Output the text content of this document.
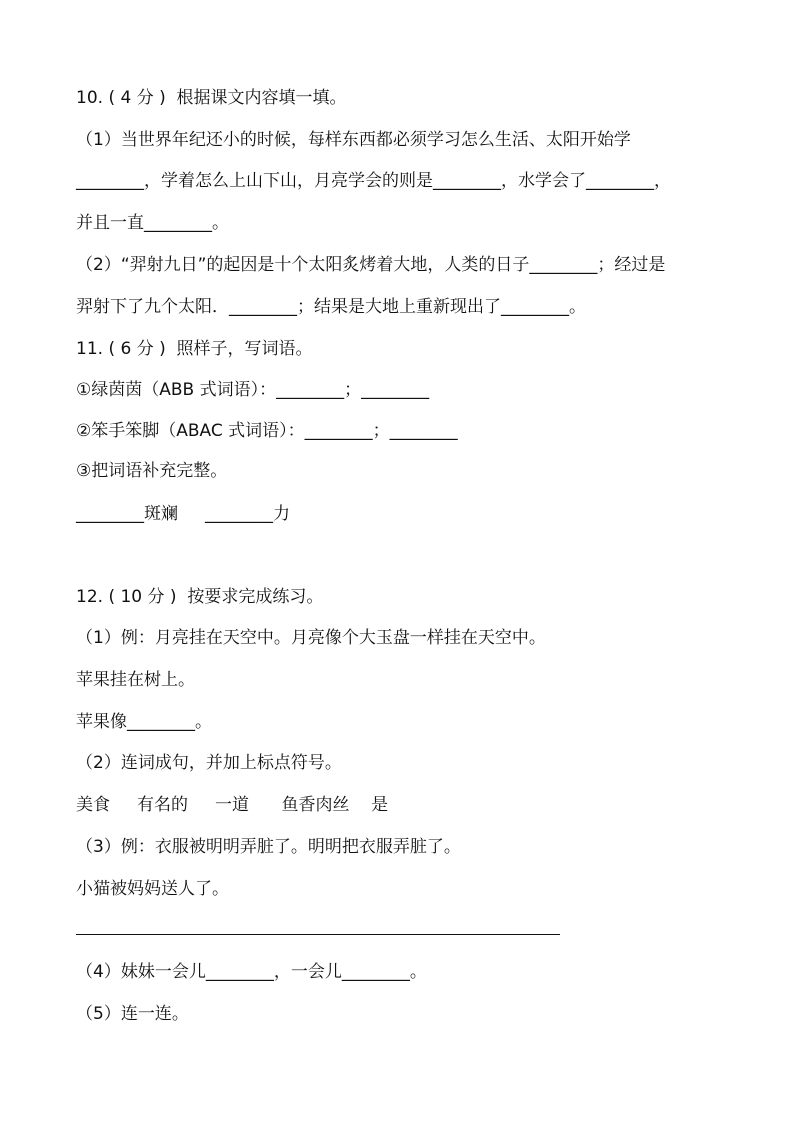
10. ( 4 分 )  根据课文内容填一填。
（1）当世界年纪还小的时候，每样东西都必须学习怎么生活、太阳开始学
________，学着怎么上山下山，月亮学会的则是________，水学会了________，
并且一直________。
（2）“羿射九日”的起因是十个太阳炙烤着大地，人类的日子________；经过是
羿射下了九个太阳．________；结果是大地上重新现出了________。
11. ( 6 分 )  照样子，写词语。
①绿茵茵（ABB 式词语）：________；________
②笨手笨脚（ABAC 式词语）：________；________
③把词语补充完整。
________斑斓     ________力
12. ( 10 分 )  按要求完成练习。
（1）例：月亮挂在天空中。月亮像个大玉盘一样挂在天空中。
苹果挂在树上。
苹果像________。
（2）连词成句，并加上标点符号。
美食     有名的     一道      鱼香肉丝    是
（3）例：衣服被明明弄脏了。明明把衣服弄脏了。
小猫被妈妈送人了。
（4）妹妹一会儿________，一会儿________。
（5）连一连。
